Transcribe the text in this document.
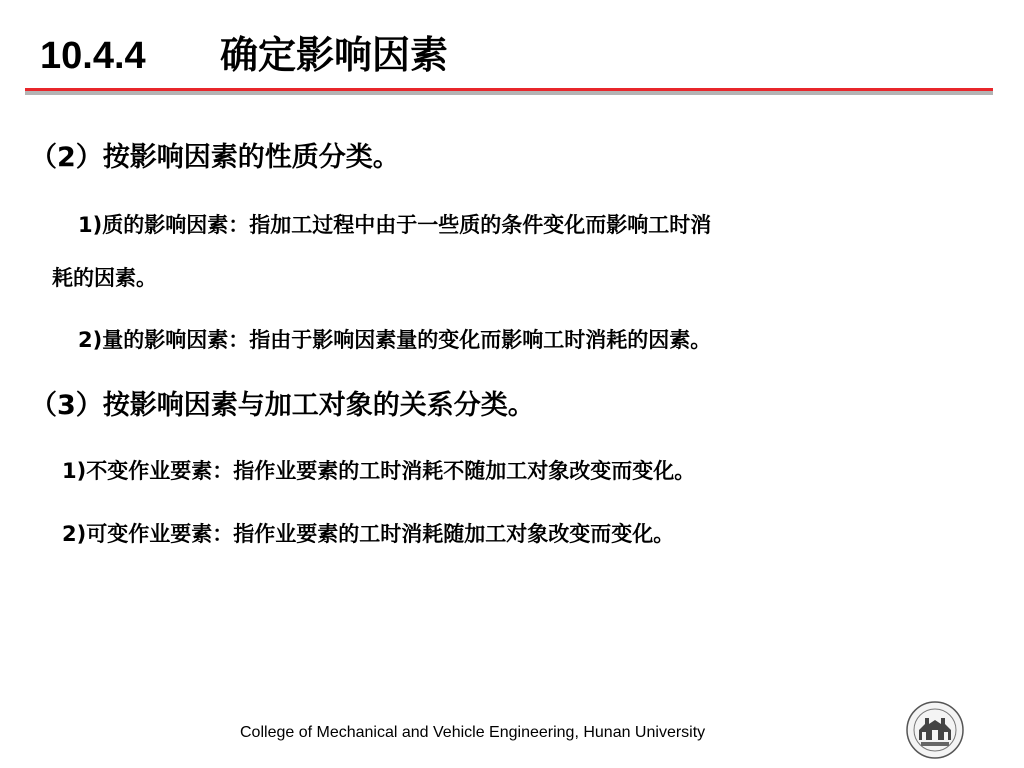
10.4.4 确定影响因素
（2）按影响因素的性质分类。
1)质的影响因素：指加工过程中由于一些质的条件变化而影响工时消
耗的因素。
2)量的影响因素：指由于影响因素量的变化而影响工时消耗的因素。
（3）按影响因素与加工对象的关系分类。
1)不变作业要素：指作业要素的工时消耗不随加工对象改变而变化。
2)可变作业要素：指作业要素的工时消耗随加工对象改变而变化。
College of Mechanical and Vehicle Engineering, Hunan University
